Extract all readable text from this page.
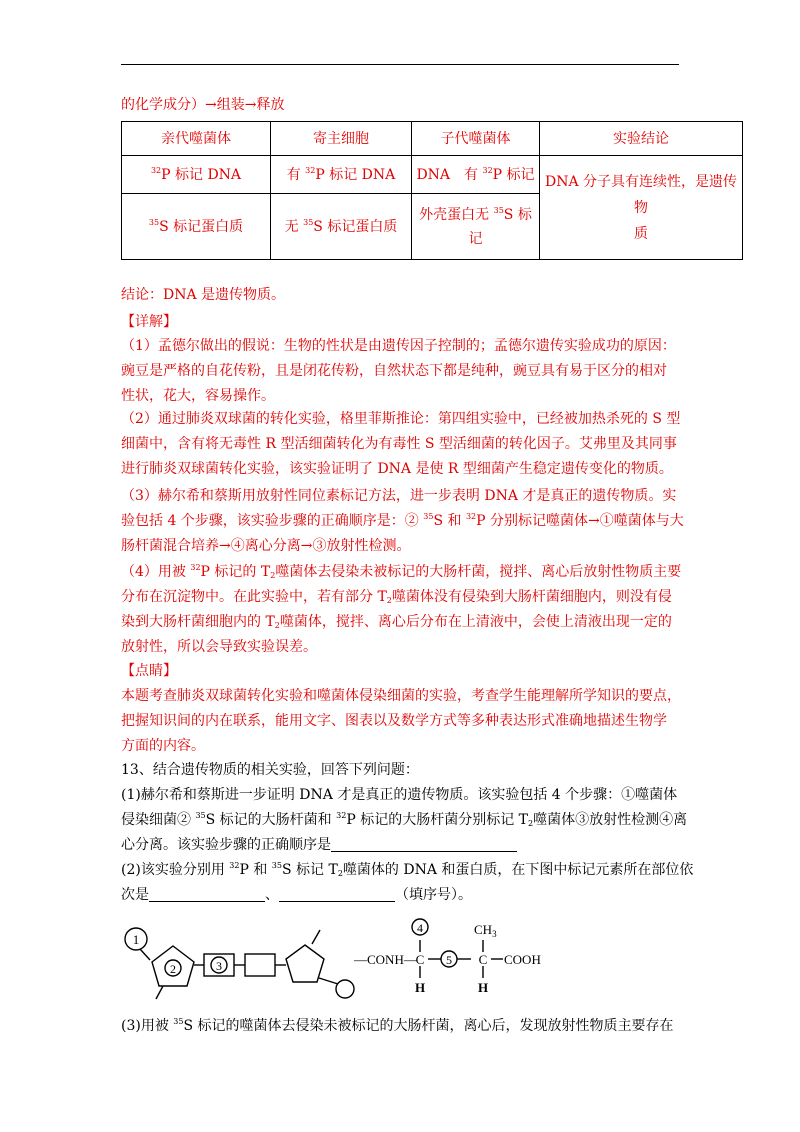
的化学成分）→组装→释放
亲代噬菌体	寄主细胞	子代噬菌体	实验结论
$^{32}$P 标记 DNA	有 $^{32}$P 标记 DNA	DNA　有 $^{32}$P 标记	DNA 分子具有连续性，是遗传物
质

$^{35}$S 标记蛋白质	无 $^{35}$S 标记蛋白质	外壳蛋白无 $^{35}$S 标
记	
结论：DNA 是遗传物质。
【详解】
（1）孟德尔做出的假说：生物的性状是由遗传因子控制的；孟德尔遗传实验成功的原因：
豌豆是严格的自花传粉，且是闭花传粉，自然状态下都是纯种，豌豆具有易于区分的相对
性状，花大，容易操作。
（2）通过肺炎双球菌的转化实验，格里菲斯推论：第四组实验中，已经被加热杀死的 S 型
细菌中，含有将无毒性 R 型活细菌转化为有毒性 S 型活细菌的转化因子。艾弗里及其同事
进行肺炎双球菌转化实验，该实验证明了 DNA 是使 R 型细菌产生稳定遗传变化的物质。
（3）赫尔希和蔡斯用放射性同位素标记方法，进一步表明 DNA 才是真正的遗传物质。实
验包括 4 个步骤，该实验步骤的正确顺序是：② $^{35}$S 和 $^{32}$P 分别标记噬菌体→①噬菌体与大
肠杆菌混合培养→④离心分离→③放射性检测。
（4）用被 $^{32}$P 标记的 $T_2$噬菌体去侵染未被标记的大肠杆菌，搅拌、离心后放射性物质主要
分布在沉淀物中。在此实验中，若有部分 $T_2$噬菌体没有侵染到大肠杆菌细胞内，则没有侵
染到大肠杆菌细胞内的 $T_2$噬菌体，搅拌、离心后分布在上清液中，会使上清液出现一定的
放射性，所以会导致实验误差。
【点睛】
本题考查肺炎双球菌转化实验和噬菌体侵染细菌的实验，考查学生能理解所学知识的要点，
把握知识间的内在联系，能用文字、图表以及数学方式等多种表达形式准确地描述生物学
方面的内容。
13、结合遗传物质的相关实验，回答下列问题：
(1)赫尔希和蔡斯进一步证明 DNA 才是真正的遗传物质。该实验包括 4 个步骤：①噬菌体
侵染细菌② $^{35}$S 标记的大肠杆菌和 $^{32}$P 标记的大肠杆菌分别标记 $T_2$噬菌体③放射性检测④离
心分离。该实验步骤的正确顺序是
(2)该实验分别用 $^{32}$P 和 $^{35}$S 标记 $T_2$噬菌体的 DNA 和蛋白质，在下图中标记元素所在部位依
次是	、	（填序号）。
1
2	3
4
5
—CONH—
C
H
C
H
$CH_3$
COOH
(3)用被 $^{35}$S 标记的噬菌体去侵染未被标记的大肠杆菌，离心后，发现放射性物质主要存在
